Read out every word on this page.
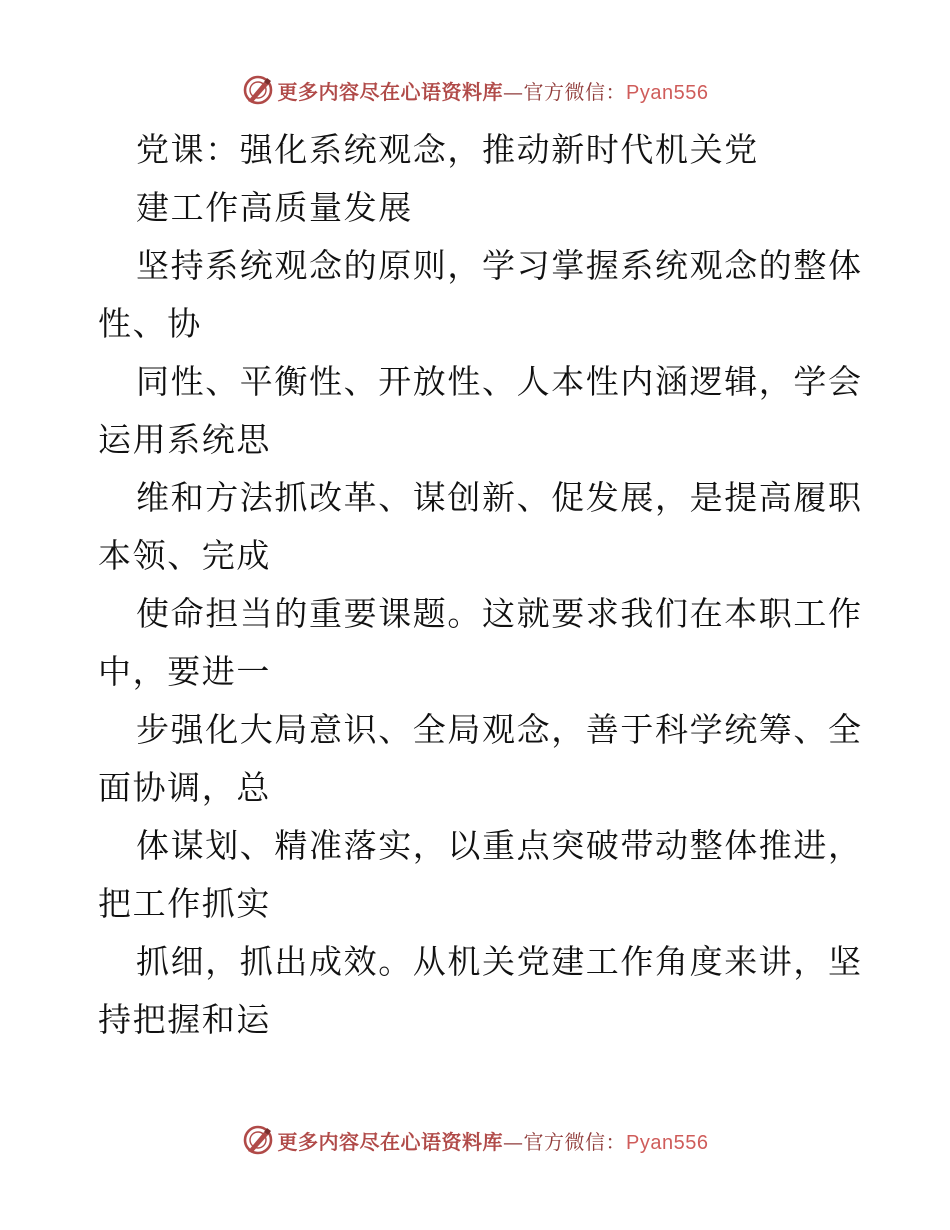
更多内容尽在心语资料库—官方微信：Pyan556

党课：强化系统观念，推动新时代机关党

建工作高质量发展

坚持系统观念的原则，学习掌握系统观念的整体
性、协

同性、平衡性、开放性、人本性内涵逻辑，学会
运用系统思

维和方法抓改革、谋创新、促发展，是提高履职
本领、完成

使命担当的重要课题。这就要求我们在本职工作
中，要进一

步强化大局意识、全局观念，善于科学统筹、全
面协调，总

体谋划、精准落实，以重点突破带动整体推进，
把工作抓实

抓细，抓出成效。从机关党建工作角度来讲，坚
持把握和运

更多内容尽在心语资料库—官方微信：Pyan556
